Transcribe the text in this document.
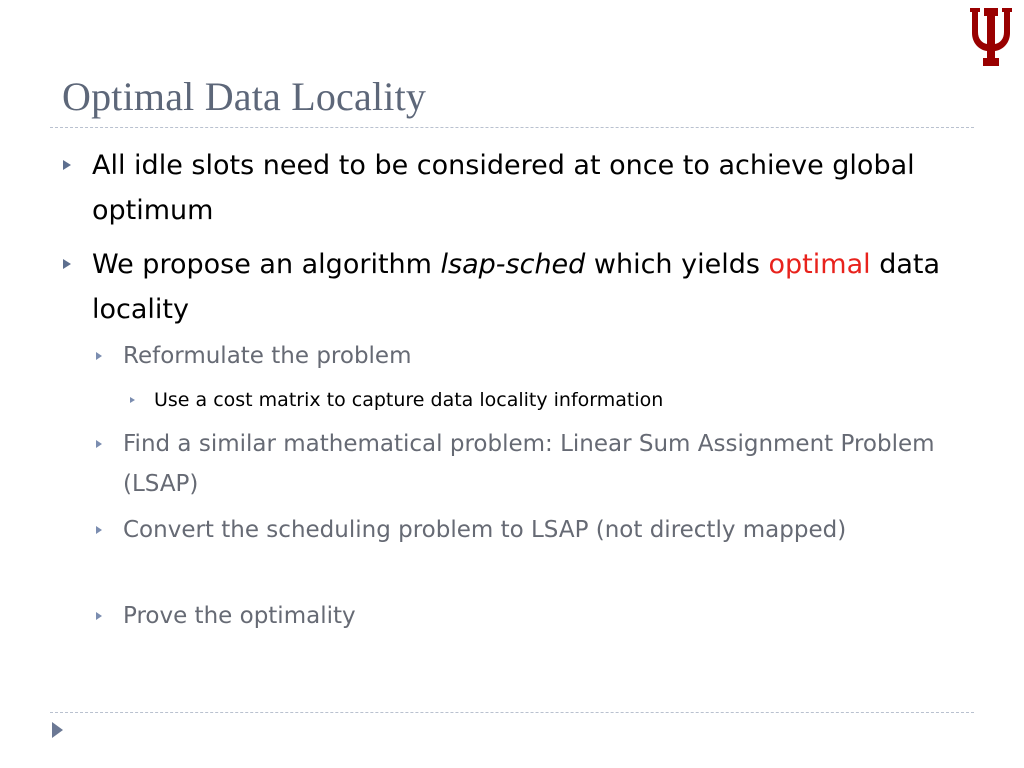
Optimal Data Locality
All idle slots need to be considered at once to achieve global optimum
We propose an algorithm lsap-sched which yields optimal data locality
Reformulate the problem
Use a cost matrix to capture data locality information
Find a similar mathematical problem: Linear Sum Assignment Problem (LSAP)
Convert the scheduling problem to LSAP (not directly mapped)
Prove the optimality
